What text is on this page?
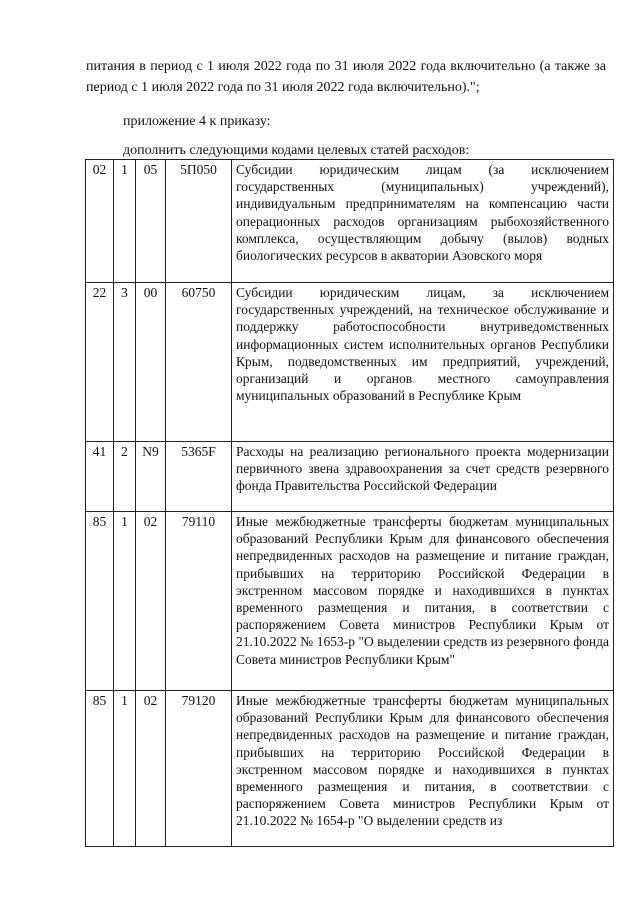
питания в период с 1 июля 2022 года по 31 июля 2022 года включительно (а также за период с 1 июля 2022 года по 31 июля 2022 года включительно).";

приложение 4 к приказу:

дополнить следующими кодами целевых статей расходов:

02	1	05	5П050	Субсидии юридическим лицам (за исключением государственных (муниципальных) учреждений), индивидуальным предпринимателям на компенсацию части операционных расходов организациям рыбохозяйственного комплекса, осуществляющим добычу (вылов) водных биологических ресурсов в акватории Азовского моря
22	3	00	60750	Субсидии юридическим лицам, за исключением государственных учреждений, на техническое обслуживание и поддержку работоспособности внутриведомственных информационных систем исполнительных органов Республики Крым, подведомственных им предприятий, учреждений, организаций и органов местного самоуправления муниципальных образований в Республике Крым
41	2	N9	5365F	Расходы на реализацию регионального проекта модернизации первичного звена здравоохранения за счет средств резервного фонда Правительства Российской Федерации
85	1	02	79110	Иные межбюджетные трансферты бюджетам муниципальных образований Республики Крым для финансового обеспечения непредвиденных расходов на размещение и питание граждан, прибывших на территорию Российской Федерации в экстренном массовом порядке и находившихся в пунктах временного размещения и питания, в соответствии с распоряжением Совета министров Республики Крым от 21.10.2022 № 1653-р "О выделении средств из резервного фонда Совета министров Республики Крым"
85	1	02	79120	Иные межбюджетные трансферты бюджетам муниципальных образований Республики Крым для финансового обеспечения непредвиденных расходов на размещение и питание граждан, прибывших на территорию Российской Федерации в экстренном массовом порядке и находившихся в пунктах временного размещения и питания, в соответствии с распоряжением Совета министров Республики Крым от 21.10.2022 № 1654-р "О выделении средств из
